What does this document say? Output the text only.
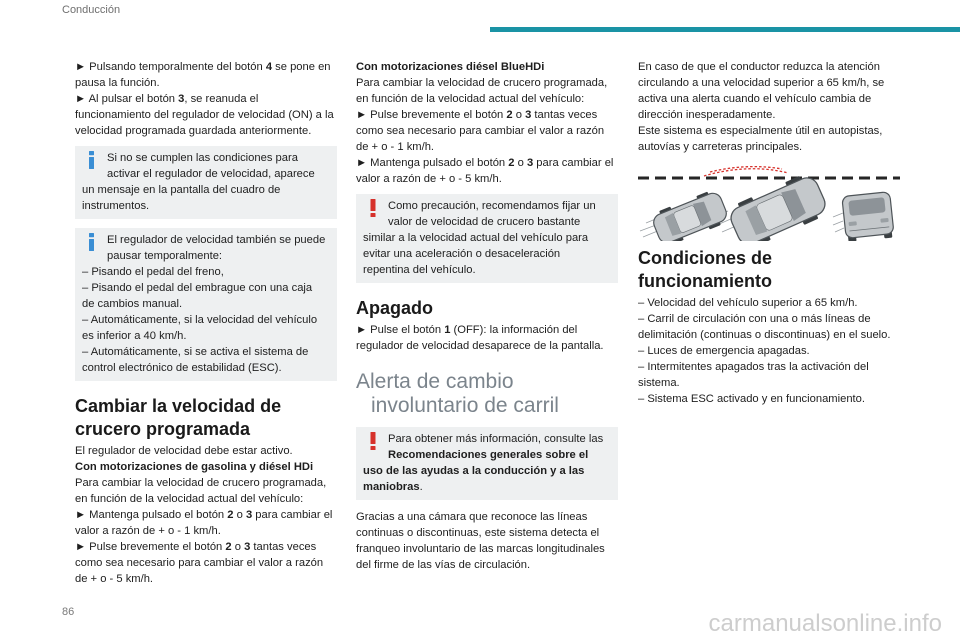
Conducción
► Pulsando temporalmente del botón 4 se pone en
pausa la función.
► Al pulsar el botón 3, se reanuda el
funcionamiento del regulador de velocidad (ON) a la
velocidad programada guardada anteriormente.
Si no se cumplen las condiciones para
activar el regulador de velocidad, aparece
un mensaje en la pantalla del cuadro de
instrumentos.
El regulador de velocidad también se puede
pausar temporalmente:
– Pisando el pedal del freno,
– Pisando el pedal del embrague con una caja
de cambios manual.
– Automáticamente, si la velocidad del vehículo
es inferior a 40 km/h.
– Automáticamente, si se activa el sistema de
control electrónico de estabilidad (ESC).
Cambiar la velocidad de
crucero programada
El regulador de velocidad debe estar activo.
Con motorizaciones de gasolina y diésel HDi
Para cambiar la velocidad de crucero programada,
en función de la velocidad actual del vehículo:
► Mantenga pulsado el botón 2 o 3 para cambiar el
valor a razón de + o - 1 km/h.
► Pulse brevemente el botón 2 o 3 tantas veces
como sea necesario para cambiar el valor a razón
de + o - 5 km/h.
Con motorizaciones diésel BlueHDi
Para cambiar la velocidad de crucero programada,
en función de la velocidad actual del vehículo:
► Pulse brevemente el botón 2 o 3 tantas veces
como sea necesario para cambiar el valor a razón
de + o - 1 km/h.
► Mantenga pulsado el botón 2 o 3 para cambiar el
valor a razón de + o - 5 km/h.
Como precaución, recomendamos fijar un
valor de velocidad de crucero bastante
similar a la velocidad actual del vehículo para
evitar una aceleración o desaceleración
repentina del vehículo.
Apagado
► Pulse el botón 1 (OFF): la información del
regulador de velocidad desaparece de la pantalla.
Alerta de cambio
involuntario de carril
Para obtener más información, consulte las
Recomendaciones generales sobre el
uso de las ayudas a la conducción y a las
maniobras.
Gracias a una cámara que reconoce las líneas
continuas o discontinuas, este sistema detecta el
franqueo involuntario de las marcas longitudinales
del firme de las vías de circulación.
En caso de que el conductor reduzca la atención
circulando a una velocidad superior a 65 km/h, se
activa una alerta cuando el vehículo cambia de
dirección inesperadamente.
Este sistema es especialmente útil en autopistas,
autovías y carreteras principales.
Condiciones de
funcionamiento
– Velocidad del vehículo superior a 65 km/h.
– Carril de circulación con una o más líneas de
delimitación (continuas o discontinuas) en el suelo.
– Luces de emergencia apagadas.
– Intermitentes apagados tras la activación del
sistema.
– Sistema ESC activado y en funcionamiento.
86	carmanualsonline.info
